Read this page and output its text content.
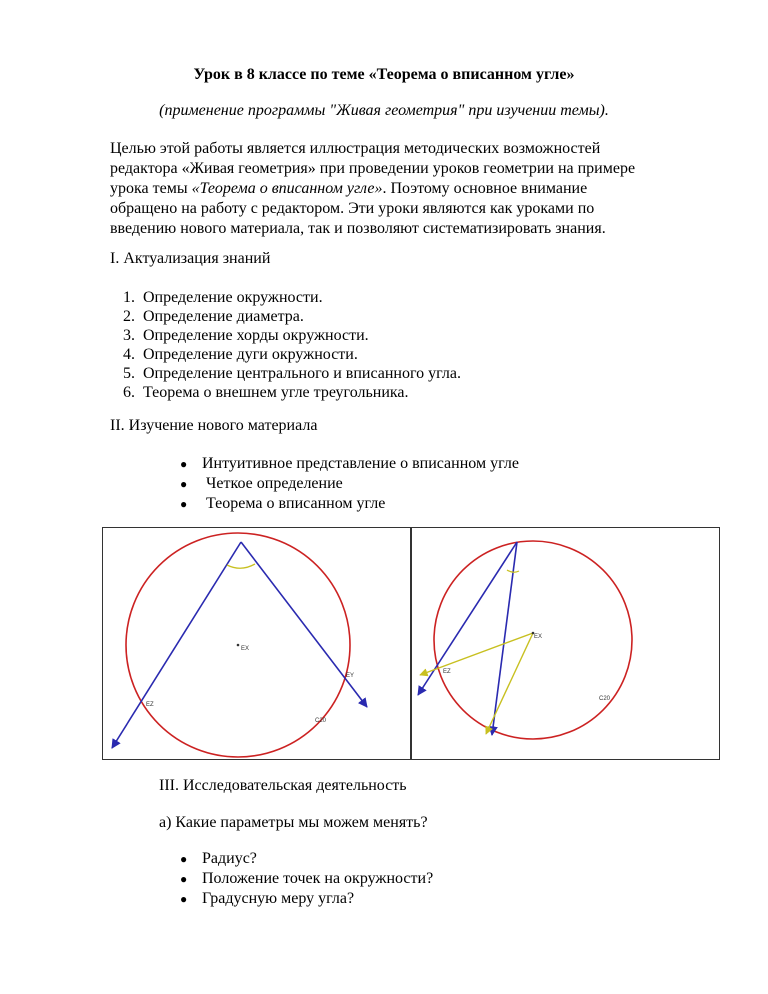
Урок в 8 классе по теме «Теорема о вписанном угле»
(применение программы "Живая геометрия" при изучении темы).

Целью этой работы является иллюстрация методических возможностей

редактора «Живая геометрия» при проведении уроков геометрии на примере

урока темы «Теорема о вписанном угле». Поэтому основное внимание

обращено на работу с редактором. Эти уроки являются как уроками по

введению нового материала, так и позволяют систематизировать знания.

I. Актуализация знаний
1. Определение окружности.
2. Определение диаметра.
3. Определение хорды окружности.
4. Определение дуги окружности.
5. Определение центрального и вписанного угла.
6. Теорема о внешнем угле треугольника.
II. Изучение нового материала
● Интуитивное представление о вписанном угле
● Четкое определение
● Теорема о вписанном угле
EX
EY
EZ
C20
EX
EZ
C20
III. Исследовательская деятельность
а) Какие параметры мы можем менять?
● Радиус?
● Положение точек на окружности?
● Градусную меру угла?
